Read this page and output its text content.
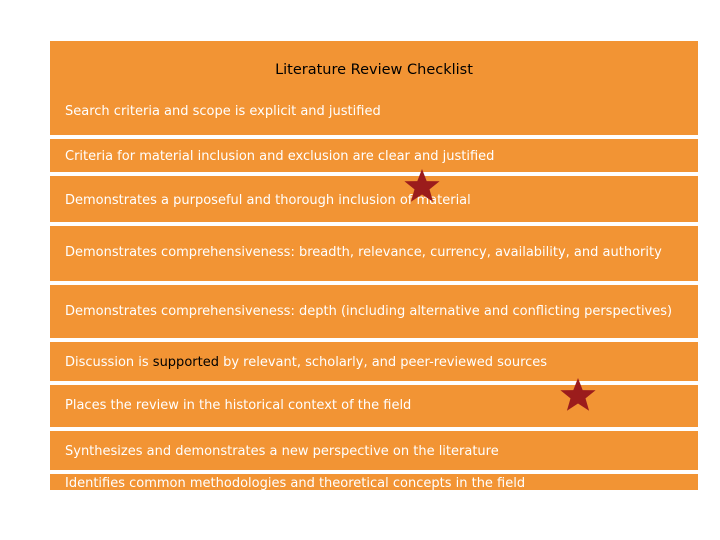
Literature Review Checklist
Search criteria and scope is explicit and justified
Criteria for material inclusion and exclusion are clear and justified
Demonstrates a purposeful and thorough inclusion of material
Demonstrates comprehensiveness: breadth, relevance, currency, availability, and authority
Demonstrates comprehensiveness: depth (including alternative and conflicting perspectives)
Discussion is supported by relevant, scholarly, and peer-reviewed sources
Places the review in the historical context of the field
Synthesizes and demonstrates a new perspective on the literature
Identifies common methodologies and theoretical concepts in the field
